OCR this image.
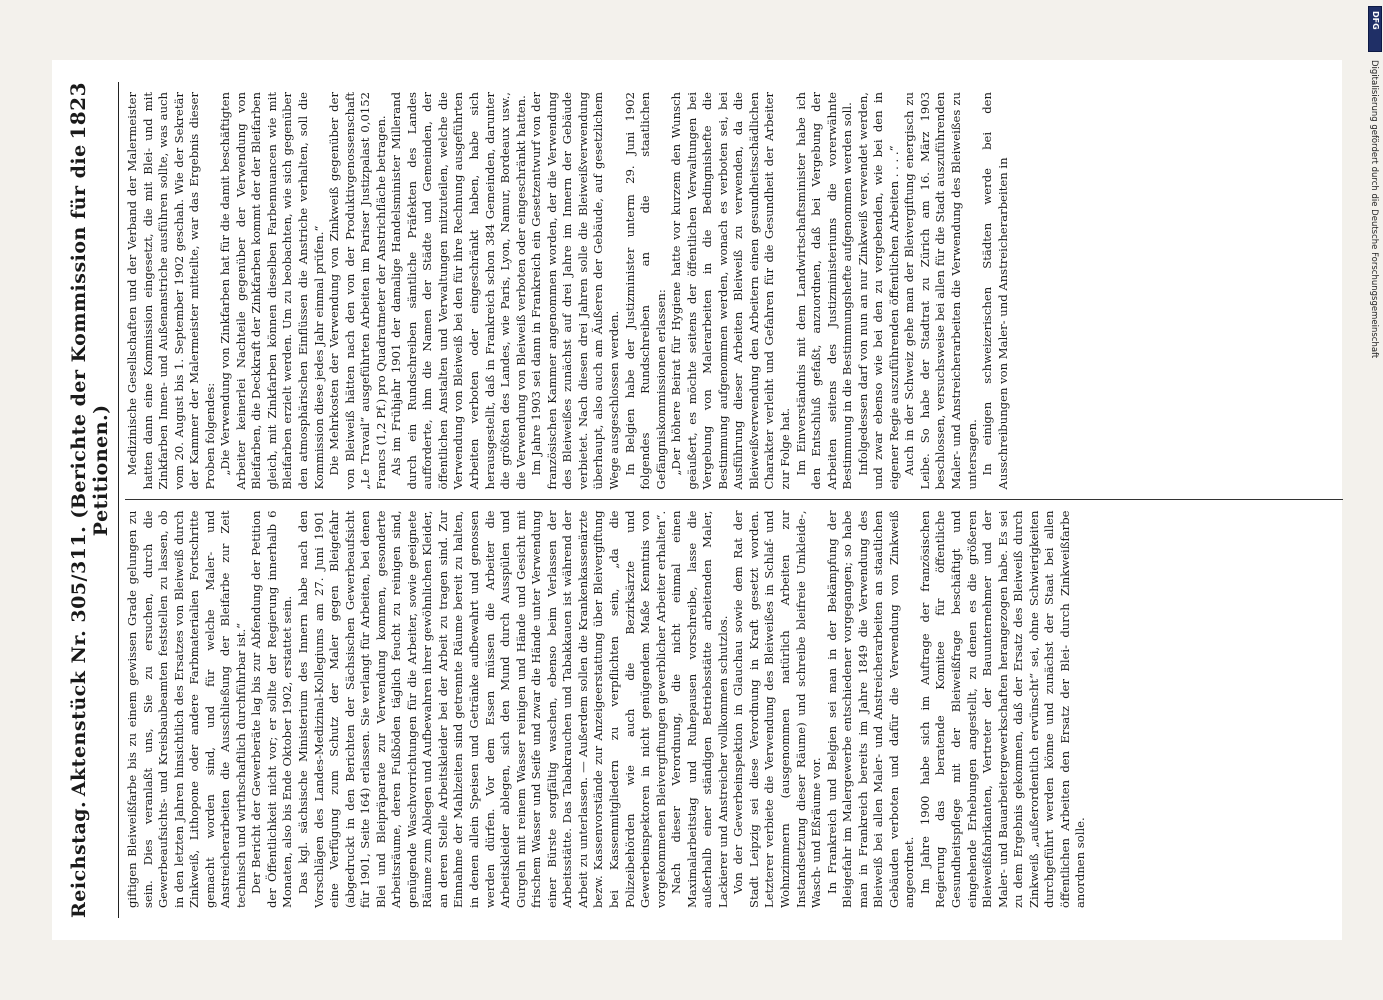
Reichstag.
Aktenstück Nr. 305/311. (Berichte der Kommission für die Petitionen.)
1823

giftigen Bleiweißfarbe bis zu einem gewissen Grade gelungen zu sein. Dies veranlaßt uns, Sie zu ersuchen, durch die Gewerbeaufsichts- und Kreisbaubeamten feststellen zu lassen, ob in den letzten Jahren hinsichtlich des Ersatzes von Bleiweiß durch Zinkweiß, Lithopone oder andere Farbmaterialien Fortschritte gemacht worden sind, und für welche Maler- und Anstreicherarbeiten die Ausschließung der Bleifarbe zur Zeit technisch und wirthschaftlich durchführbar ist.“ Der Bericht der Gewerberäte lag bis zur Abfendung der Petition der Öffentlichkeit nicht vor; er sollte der Regierung innerhalb 6 Monaten, also bis Ende Oktober 1902, erstattet sein. Das kgl. sächsische Ministerium des Innern habe nach den Vorschlägen des Landes-Medizinal-Kollegiums am 27. Juni 1901 eine Verfügung zum Schutz der Maler gegen Bleigefahr (abgedruckt in den Berichten der Sächsischen Gewerbeaufsicht für 1901, Seite 164) erlassen. Sie verlangt für Arbeiten, bei denen Blei und Bleipräparate zur Verwendung kommen, gesonderte Arbeitsräume, deren Fußböden täglich feucht zu reinigen sind, genügende Waschvorrichtungen für die Arbeiter, sowie geeignete Räume zum Ablegen und Aufbewahren ihrer gewöhnlichen Kleider, an deren Stelle Arbeitskleider bei der Arbeit zu tragen sind. Zur Einnahme der Mahlzeiten sind getrennte Räume bereit zu halten, in denen allein Speisen und Getränke aufbewahrt und genossen werden dürfen. Vor dem Essen müssen die Arbeiter die Arbeitskleider ablegen, sich den Mund durch Ausspülen und Gurgeln mit reinem Wasser reinigen und Hände und Gesicht mit frischem Wasser und Seife und zwar die Hände unter Verwendung einer Bürste sorgfältig waschen, ebenso beim Verlassen der Arbeitsstätte. Das Tabakrauchen und Tabakkauen ist während der Arbeit zu unterlassen. — Außerdem sollen die Krankenkassenärzte bezw. Kassenvorstände zur Anzeigeerstattung über Bleivergiftung bei Kassenmitgliedern zu verpflichten sein, „da die Polizeibehörden wie auch die Bezirksärzte und Gewerbeinspektoren in nicht genügendem Maße Kenntnis von vorgekommenen Bleivergiftungen gewerblicher Arbeiter erhalten“. Nach dieser Verordnung, die nicht einmal einen Maximalarbeitstag und Ruhepausen vorschreibe, lasse die außerhalb einer ständigen Betriebsstätte arbeitenden Maler, Lackierer und Anstreicher vollkommen schutzlos. Von der Gewerbeinspektion in Glauchau sowie dem Rat der Stadt Leipzig sei diese Verordnung in Kraft gesetzt worden. Letzterer verbiete die Verwendung des Bleiweißes in Schlaf- und Wohnzimmern (ausgenommen natürlich Arbeiten zur Instandsetzung dieser Räume) und schreibe bleifreie Umkleide-, Wasch- und Eßräume vor. In Frankreich und Belgien sei man in der Bekämpfung der Bleigefahr im Malergewerbe entschiedener vorgegangen; so habe man in Frankreich bereits im Jahre 1849 die Verwendung des Bleiweiß bei allen Maler- und Anstreicherarbeiten an staatlichen Gebäuden verboten und dafür die Verwendung von Zinkweiß angeordnet. Im Jahre 1900 habe sich im Auftrage der französischen Regierung das beratende Komitee für öffentliche Gesundheitspflege mit der Bleiweißfrage beschäftigt und eingehende Erhebungen angestellt, zu denen es die größeren Bleiweißfabrikanten, Vertreter der Bauunternehmer und der Maler- und Bauarbeitergewerkschaften herangezogen habe. Es sei zu dem Ergebnis gekommen, daß der Ersatz des Bleiweiß durch Zinkweiß „außerordentlich erwünscht“ sei, ohne Schwierigkeiten durchgeführt werden könne und zunächst der Staat bei allen öffentlichen Arbeiten den Ersatz der Blei- durch Zinkweißfarbe anordnen solle.

Medizinische Gesellschaften und der Verband der Malermeister hatten dann eine Kommission eingesetzt, die mit Blei- und mit Zinkfarben Innen- und Außenanstriche ausführen sollte, was auch vom 20. August bis 1. September 1902 geschah. Wie der Sekretär der Kammer der Malermeister mitteilte, war das Ergebnis dieser Proben folgendes: „Die Verwendung von Zinkfarben hat für die damit beschäftigten Arbeiter keinerlei Nachteile gegenüber der Verwendung von Bleifarben, die Deckkraft der Zinkfarben kommt der der Bleifarben gleich, mit Zinkfarben können dieselben Farbennuancen wie mit Bleifarben erzielt werden. Um zu beobachten, wie sich gegenüber den atmosphärischen Einflüssen die Anstriche verhalten, soll die Kommission diese jedes Jahr einmal prüfen.“ Die Mehrkosten der Verwendung von Zinkweiß gegenüber der von Bleiweiß hätten nach den von der Produktivgenossenschaft „Le Travail“ ausgeführten Arbeiten im Pariser Justizpalast 0,0152 Francs (1,2 Pf.) pro Quadratmeter der Anstrichfläche betragen. Als im Frühjahr 1901 der damalige Handelsminister Millerand durch ein Rundschreiben sämtliche Präfekten des Landes aufforderte, ihm die Namen der Städte und Gemeinden, der öffentlichen Anstalten und Verwaltungen mitzuteilen, welche die Verwendung von Bleiweiß bei den für ihre Rechnung ausgeführten Arbeiten verboten oder eingeschränkt haben, habe sich herausgestellt, daß in Frankreich schon 384 Gemeinden, darunter die größten des Landes, wie Paris, Lyon, Namur, Bordeaux usw., die Verwendung von Bleiweiß verboten oder eingeschränkt hatten. Im Jahre 1903 sei dann in Frankreich ein Gesetzentwurf von der französischen Kammer angenommen worden, der die Verwendung des Bleiweißes zunächst auf drei Jahre im Innern der Gebäude verbietet. Nach diesen drei Jahren solle die Bleiweißverwendung überhaupt, also auch am Äußeren der Gebäude, auf gesetzlichem Wege ausgeschlossen werden. In Belgien habe der Justizminister unterm 29. Juni 1902 folgendes Rundschreiben an die staatlichen Gefängniskommissionen erlassen: „Der höhere Beirat für Hygiene hatte vor kurzem den Wunsch geäußert, es möchte seitens der öffentlichen Verwaltungen bei Vergebung von Malerarbeiten in die Bedingnishefte die Bestimmung aufgenommen werden, wonach es verboten sei, bei Ausführung dieser Arbeiten Bleiweiß zu verwenden, da die Bleiweißverwendung den Arbeitern einen gesundheitsschädlichen Charakter verleiht und Gefahren für die Gesundheit der Arbeiter zur Folge hat. Im Einverständnis mit dem Landwirtschaftsminister habe ich den Entschluß gefaßt, anzuordnen, daß bei Vergebung der Arbeiten seitens des Justizministeriums die vorerwähnte Bestimmung in die Bestimmungshefte aufgenommen werden soll. Infolgedessen darf von nun an nur Zinkweiß verwendet werden, und zwar ebenso wie bei den zu vergebenden, wie bei den in eigener Regie auszuführenden öffentlichen Arbeiten . . . .“ Auch in der Schweiz gehe man der Bleivergiftung energisch zu Leibe. So habe der Stadtrat zu Zürich am 16. März 1903 beschlossen, versuchsweise bei allen für die Stadt auszuführenden Maler- und Anstreicherarbeiten die Verwendung des Bleiweißes zu untersagen. In einigen schweizerischen Städten werde bei den Ausschreibungen von Maler- und Anstreicherarbeiten in

DFG
Digitalisierung gefördert durch die Deutsche Forschungsgemeinschaft
